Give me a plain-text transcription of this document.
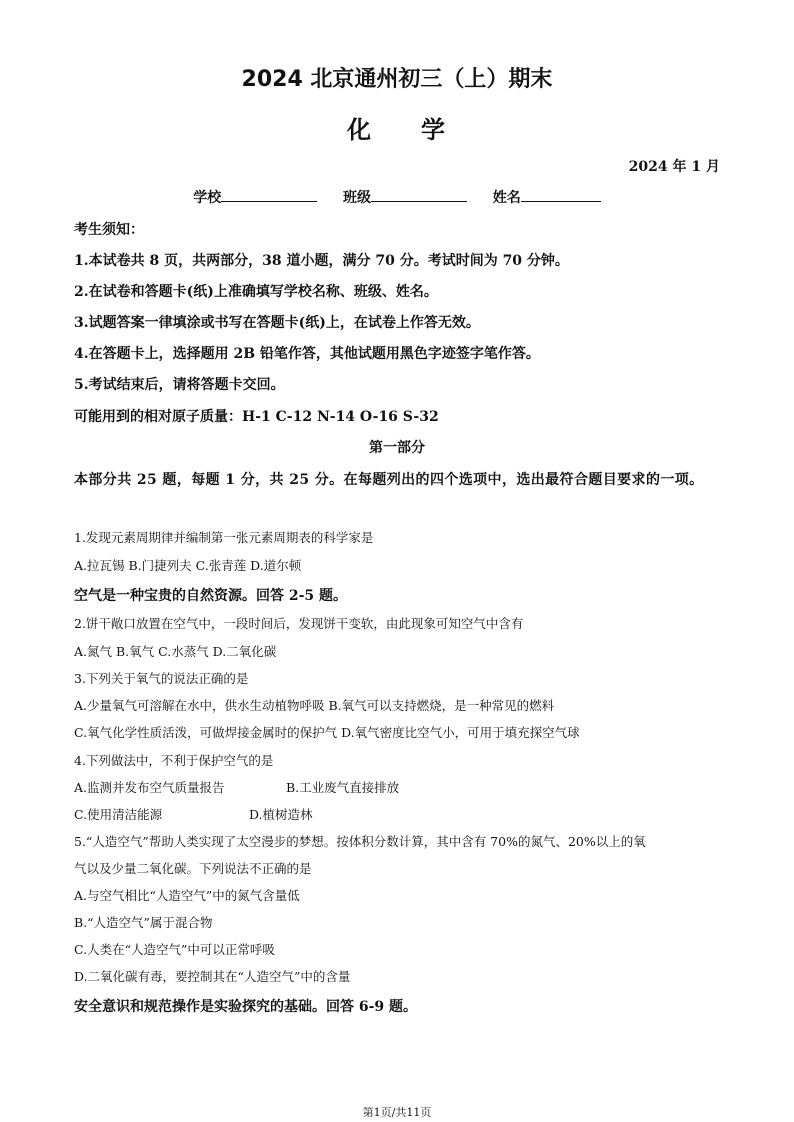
2024 北京通州初三（上）期末
化 学
2024 年 1 月
学校	班级	姓名
考生须知：
1.本试卷共 8 页，共两部分，38 道小题，满分 70 分。考试时间为 70 分钟。
2.在试卷和答题卡(纸)上准确填写学校名称、班级、姓名。
3.试题答案一律填涂或书写在答题卡(纸)上，在试卷上作答无效。
4.在答题卡上，选择题用 2B 铅笔作答，其他试题用黑色字迹签字笔作答。
5.考试结束后，请将答题卡交回。
可能用到的相对原子质量：H-1 C-12 N-14 O-16 S-32
第一部分
本部分共 25 题，每题 1 分，共 25 分。在每题列出的四个选项中，选出最符合题目要求的一项。
1.发现元素周期律并编制第一张元素周期表的科学家是
A.拉瓦锡 B.门捷列夫 C.张青莲 D.道尔顿
空气是一种宝贵的自然资源。回答 2-5 题。
2.饼干敞口放置在空气中，一段时间后，发现饼干变软，由此现象可知空气中含有
A.氮气 B.氧气 C.水蒸气 D.二氧化碳
3.下列关于氧气的说法正确的是
A.少量氧气可溶解在水中，供水生动植物呼吸 B.氧气可以支持燃烧，是一种常见的燃料
C.氧气化学性质活泼，可做焊接金属时的保护气 D.氧气密度比空气小，可用于填充探空气球
4.下列做法中，不利于保护空气的是
A.监测并发布空气质量报告	B.工业废气直接排放
C.使用清洁能源	D.植树造林
5.“人造空气”帮助人类实现了太空漫步的梦想。按体积分数计算，其中含有 70%的氮气、20%以上的氧
气以及少量二氧化碳。下列说法不正确的是
A.与空气相比“人造空气”中的氮气含量低
B.“人造空气”属于混合物
C.人类在“人造空气”中可以正常呼吸
D.二氧化碳有毒，要控制其在“人造空气”中的含量
安全意识和规范操作是实验探究的基础。回答 6-9 题。
第1页/共11页
